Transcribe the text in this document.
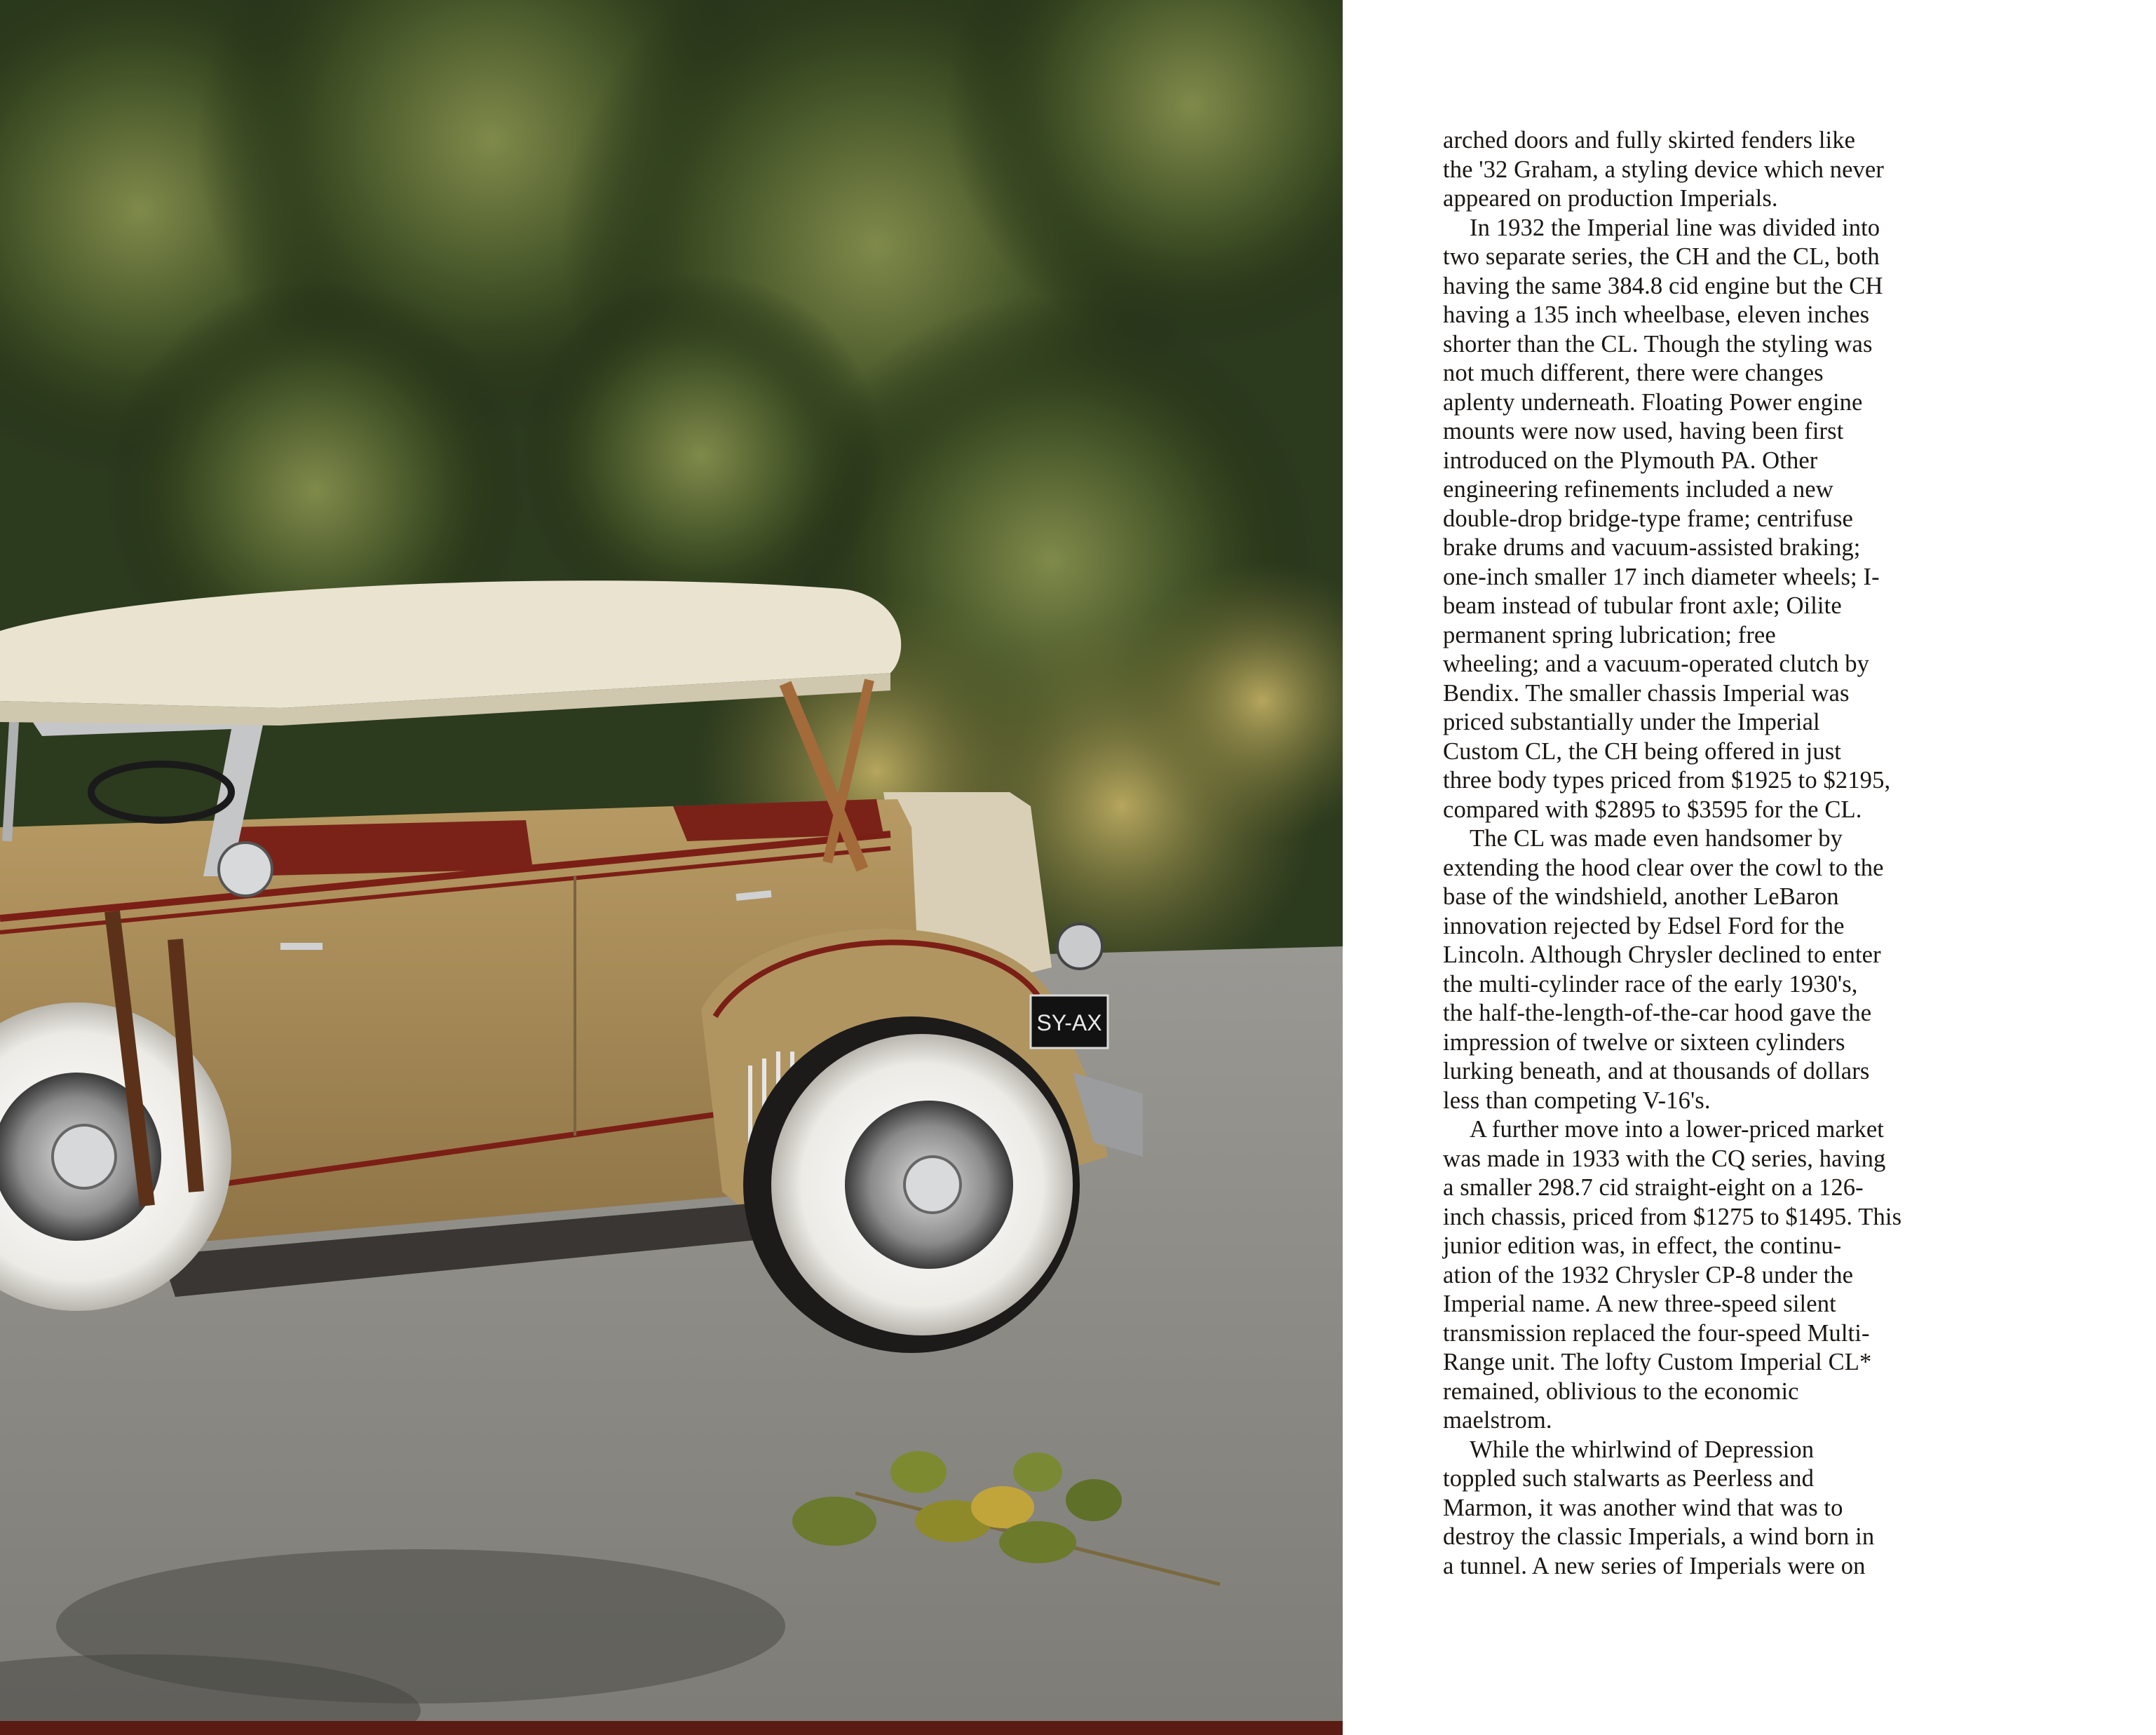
SY-AX

arched doors and fully skirted fenders like
the '32 Graham, a styling device which never
appeared on production Imperials.

In 1932 the Imperial line was divided into
two separate series, the CH and the CL, both
having the same 384.8 cid engine but the CH
having a 135 inch wheelbase, eleven inches
shorter than the CL. Though the styling was
not much different, there were changes
aplenty underneath. Floating Power engine
mounts were now used, having been first
introduced on the Plymouth PA. Other
engineering refinements included a new
double-drop bridge-type frame; centrifuse
brake drums and vacuum-assisted braking;
one-inch smaller 17 inch diameter wheels; I-
beam instead of tubular front axle; Oilite
permanent spring lubrication; free
wheeling; and a vacuum-operated clutch by
Bendix. The smaller chassis Imperial was
priced substantially under the Imperial
Custom CL, the CH being offered in just
three body types priced from $1925 to $2195,
compared with $2895 to $3595 for the CL.

The CL was made even handsomer by
extending the hood clear over the cowl to the
base of the windshield, another LeBaron
innovation rejected by Edsel Ford for the
Lincoln. Although Chrysler declined to enter
the multi-cylinder race of the early 1930's,
the half-the-length-of-the-car hood gave the
impression of twelve or sixteen cylinders
lurking beneath, and at thousands of dollars
less than competing V-16's.

A further move into a lower-priced market
was made in 1933 with the CQ series, having
a smaller 298.7 cid straight-eight on a 126-
inch chassis, priced from $1275 to $1495. This
junior edition was, in effect, the continu-
ation of the 1932 Chrysler CP-8 under the
Imperial name. A new three-speed silent
transmission replaced the four-speed Multi-
Range unit. The lofty Custom Imperial CL*
remained, oblivious to the economic
maelstrom.

While the whirlwind of Depression
toppled such stalwarts as Peerless and
Marmon, it was another wind that was to
destroy the classic Imperials, a wind born in
a tunnel. A new series of Imperials were on
